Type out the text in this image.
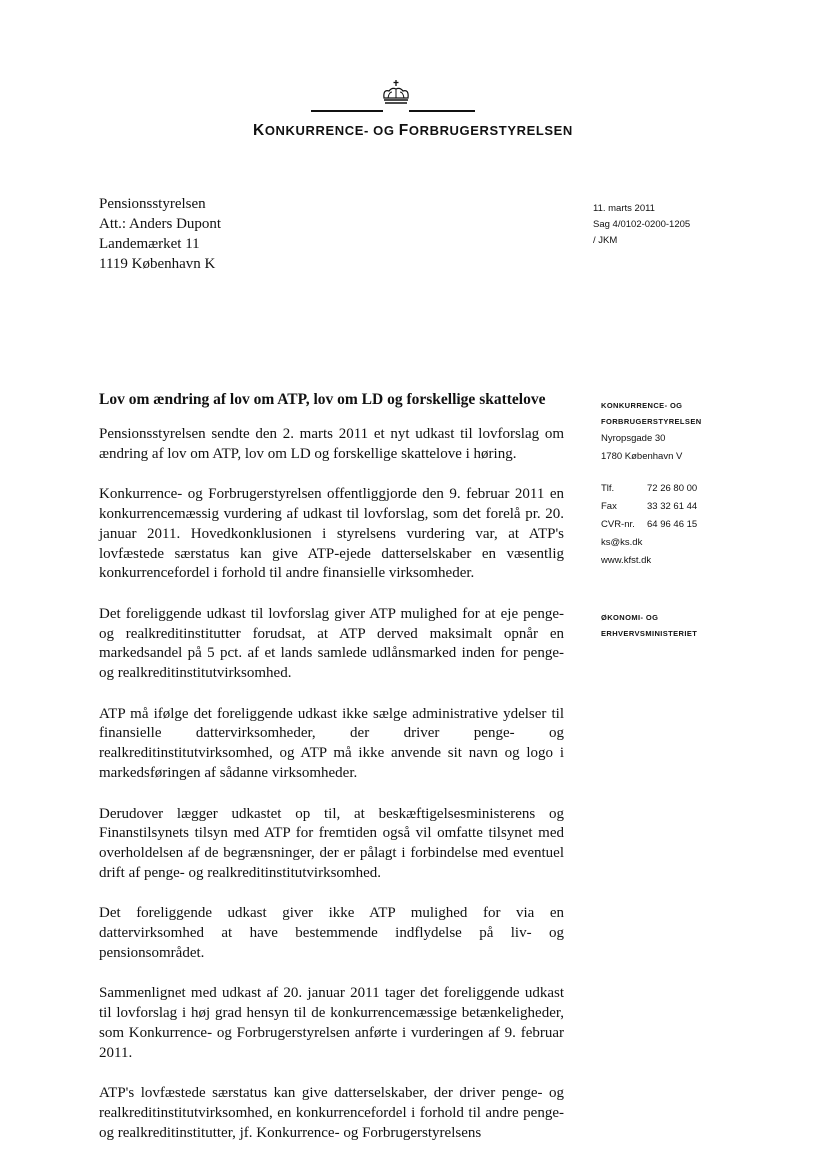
KONKURRENCE- OG FORBRUGERSTYRELSEN
Pensionsstyrelsen
Att.: Anders Dupont
Landemærket 11
1119 København K
11. marts 2011
Sag 4/0102-0200-1205
/ JKM
Lov om ændring af lov om ATP, lov om LD og forskellige skattelove

Pensionsstyrelsen sendte den 2. marts 2011 et nyt udkast til lovforslag om ændring af lov om ATP, lov om LD og forskellige skattelove i høring.

Konkurrence- og Forbrugerstyrelsen offentliggjorde den 9. februar 2011 en konkurrencemæssig vurdering af udkast til lovforslag, som det forelå pr. 20. januar 2011. Hovedkonklusionen i styrelsens vurdering var, at ATP's lovfæstede særstatus kan give ATP-ejede datterselskaber en væsentlig konkurrencefordel i forhold til andre finansielle virksomheder.

Det foreliggende udkast til lovforslag giver ATP mulighed for at eje penge- og realkreditinstitutter forudsat, at ATP derved maksimalt opnår en markedsandel på 5 pct. af et lands samlede udlånsmarked inden for penge- og realkreditinstitutvirksomhed.

ATP må ifølge det foreliggende udkast ikke sælge administrative ydelser til finansielle dattervirksomheder, der driver penge- og realkreditinstitutvirksomhed, og ATP må ikke anvende sit navn og logo i markedsføringen af sådanne virksomheder.

Derudover lægger udkastet op til, at beskæftigelsesministerens og Finanstilsynets tilsyn med ATP for fremtiden også vil omfatte tilsynet med overholdelsen af de begrænsninger, der er pålagt i forbindelse med eventuel drift af penge- og realkreditinstitutvirksomhed.

Det foreliggende udkast giver ikke ATP mulighed for via en dattervirksomhed at have bestemmende indflydelse på liv- og pensionsområdet.

Sammenlignet med udkast af 20. januar 2011 tager det foreliggende udkast til lovforslag i høj grad hensyn til de konkurrencemæssige betænkeligheder, som Konkurrence- og Forbrugerstyrelsen anførte i vurderingen af 9. februar 2011.

ATP's lovfæstede særstatus kan give datterselskaber, der driver penge- og realkreditinstitutvirksomhed, en konkurrencefordel i forhold til andre penge- og realkreditinstitutter, jf. Konkurrence- og Forbrugerstyrelsens

KONKURRENCE- OG
FORBRUGERSTYRELSEN
Nyropsgade 30
1780 København V
Tlf.	72 26 80 00
Fax	33 32 61 44
CVR-nr.	64 96 46 15
ks@ks.dk
www.kfst.dk
ØKONOMI- OG
ERHVERVSMINISTERIET
